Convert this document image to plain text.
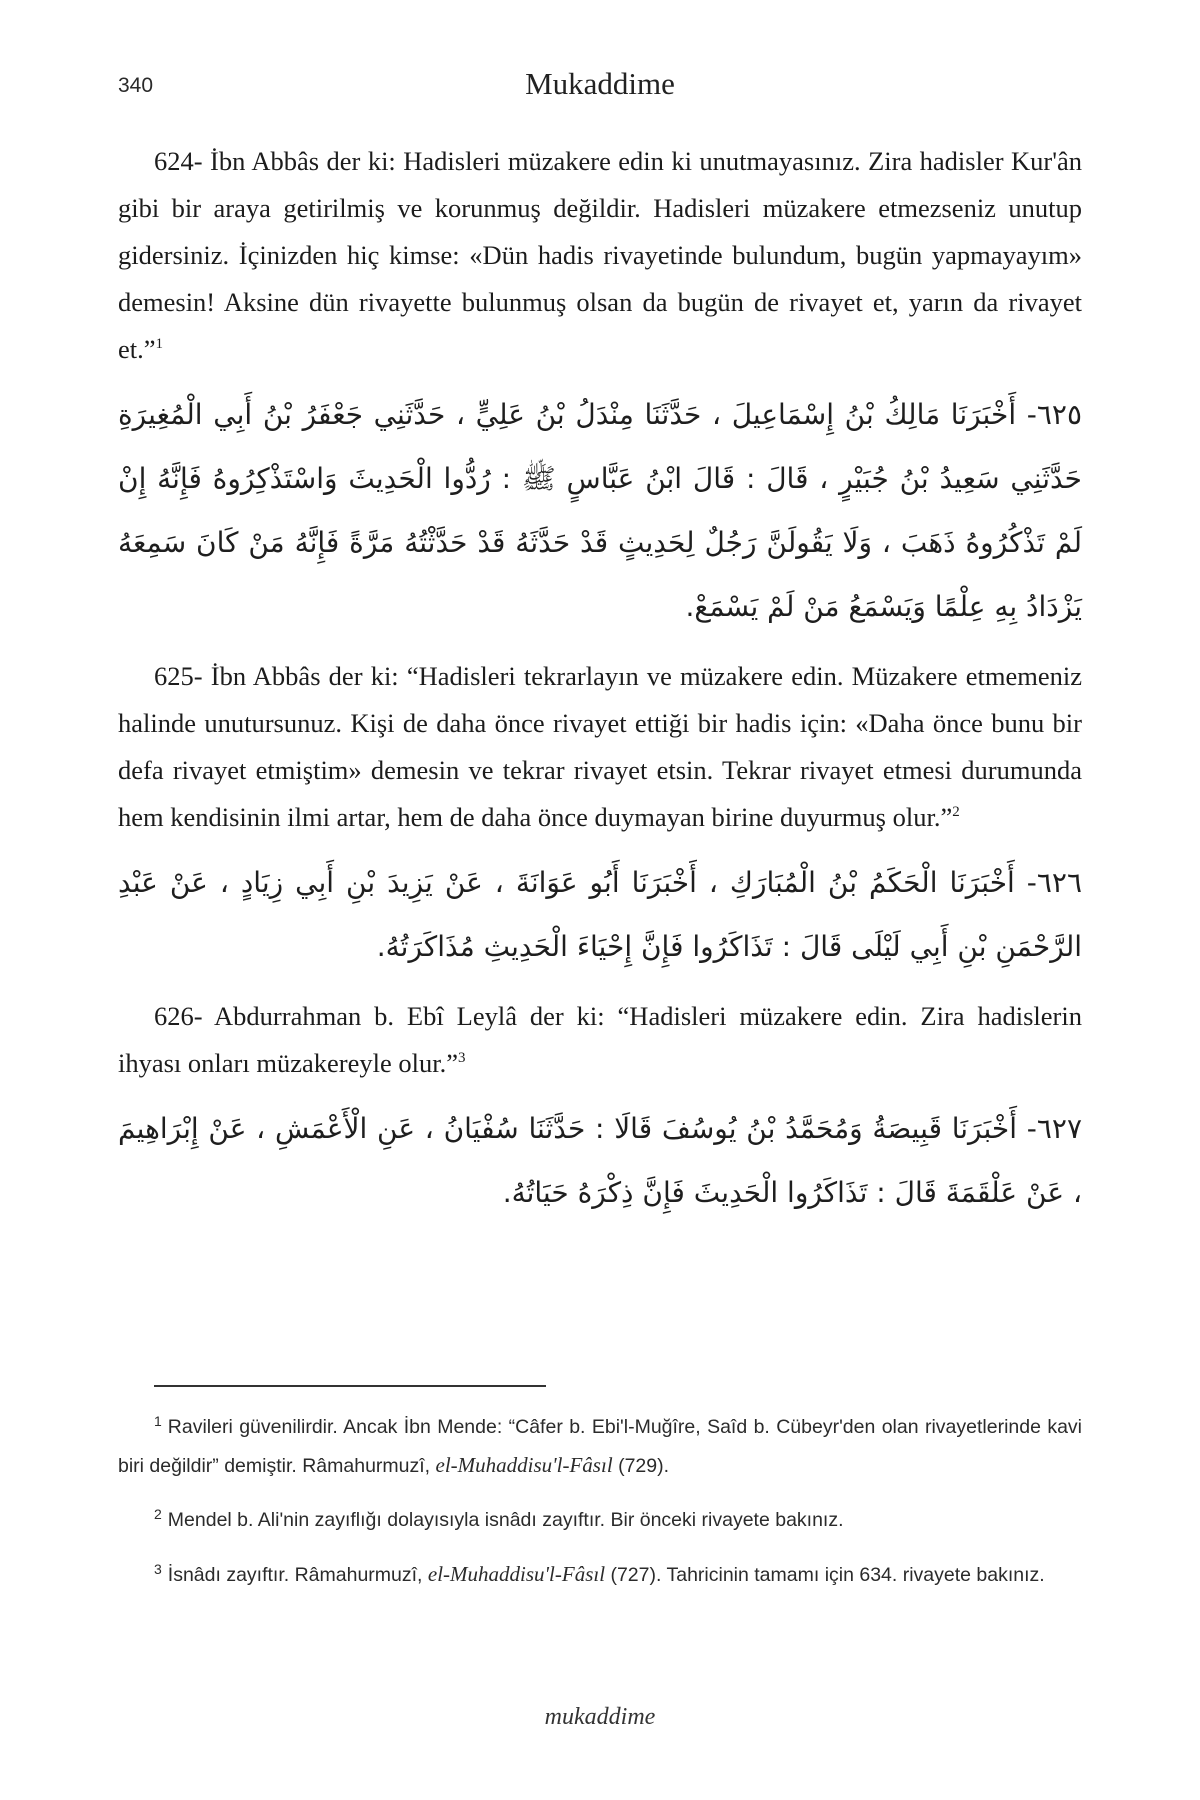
340	Mukaddime

624- İbn Abbâs der ki: Hadisleri müzakere edin ki unutmayasınız. Zira hadisler Kur'ân gibi bir araya getirilmiş ve korunmuş değildir. Hadisleri müzakere etmezseniz unutup gidersiniz. İçinizden hiç kimse: «Dün hadis rivayetinde bulundum, bugün yapmayayım» demesin! Aksine dün rivayette bulunmuş olsan da bugün de rivayet et, yarın da rivayet et.”$^1$

٦٢٥- أَخْبَرَنَا مَالِكُ بْنُ إِسْمَاعِيلَ ، حَدَّثَنَا مِنْدَلُ بْنُ عَلِيٍّ ، حَدَّثَنِي جَعْفَرُ بْنُ أَبِي الْمُغِيرَةِ حَدَّثَنِي سَعِيدُ بْنُ جُبَيْرٍ ، قَالَ : قَالَ ابْنُ عَبَّاسٍ ﷺ : رُدُّوا الْحَدِيثَ وَاسْتَذْكِرُوهُ فَإِنَّهُ إِنْ لَمْ تَذْكُرُوهُ ذَهَبَ ، وَلَا يَقُولَنَّ رَجُلٌ لِحَدِيثٍ قَدْ حَدَّثَهُ قَدْ حَدَّثْتُهُ مَرَّةً فَإِنَّهُ مَنْ كَانَ سَمِعَهُ يَزْدَادُ بِهِ عِلْمًا وَيَسْمَعُ مَنْ لَمْ يَسْمَعْ.

625- İbn Abbâs der ki: “Hadisleri tekrarlayın ve müzakere edin. Müzakere etmemeniz halinde unutursunuz. Kişi de daha önce rivayet ettiği bir hadis için: «Daha önce bunu bir defa rivayet etmiştim» demesin ve tekrar rivayet etsin. Tekrar rivayet etmesi durumunda hem kendisinin ilmi artar, hem de daha önce duymayan birine duyurmuş olur.”$^2$

٦٢٦- أَخْبَرَنَا الْحَكَمُ بْنُ الْمُبَارَكِ ، أَخْبَرَنَا أَبُو عَوَانَةَ ، عَنْ يَزِيدَ بْنِ أَبِي زِيَادٍ ، عَنْ عَبْدِ الرَّحْمَنِ بْنِ أَبِي لَيْلَى قَالَ : تَذَاكَرُوا فَإِنَّ إِحْيَاءَ الْحَدِيثِ مُذَاكَرَتُهُ.

626- Abdurrahman b. Ebî Leylâ der ki: “Hadisleri müzakere edin. Zira hadislerin ihyası onları müzakereyle olur.”$^3$

٦٢٧- أَخْبَرَنَا قَبِيصَةُ وَمُحَمَّدُ بْنُ يُوسُفَ قَالَا : حَدَّثَنَا سُفْيَانُ ، عَنِ الْأَعْمَشِ ، عَنْ إِبْرَاهِيمَ ، عَنْ عَلْقَمَةَ قَالَ : تَذَاكَرُوا الْحَدِيثَ فَإِنَّ ذِكْرَهُ حَيَاتُهُ.

$^1$ Ravileri güvenilirdir. Ancak İbn Mende: “Câfer b. Ebi'l-Muğîre, Saîd b. Cübeyr'den olan rivayetlerinde kavi biri değildir” demiştir. Râmahurmuzî, el-Muhaddisu'l-Fâsıl (729).

$^2$ Mendel b. Ali'nin zayıflığı dolayısıyla isnâdı zayıftır. Bir önceki rivayete bakınız.

$^3$ İsnâdı zayıftır. Râmahurmuzî, el-Muhaddisu'l-Fâsıl (727). Tahricinin tamamı için 634. rivayete bakınız.

mukaddime
